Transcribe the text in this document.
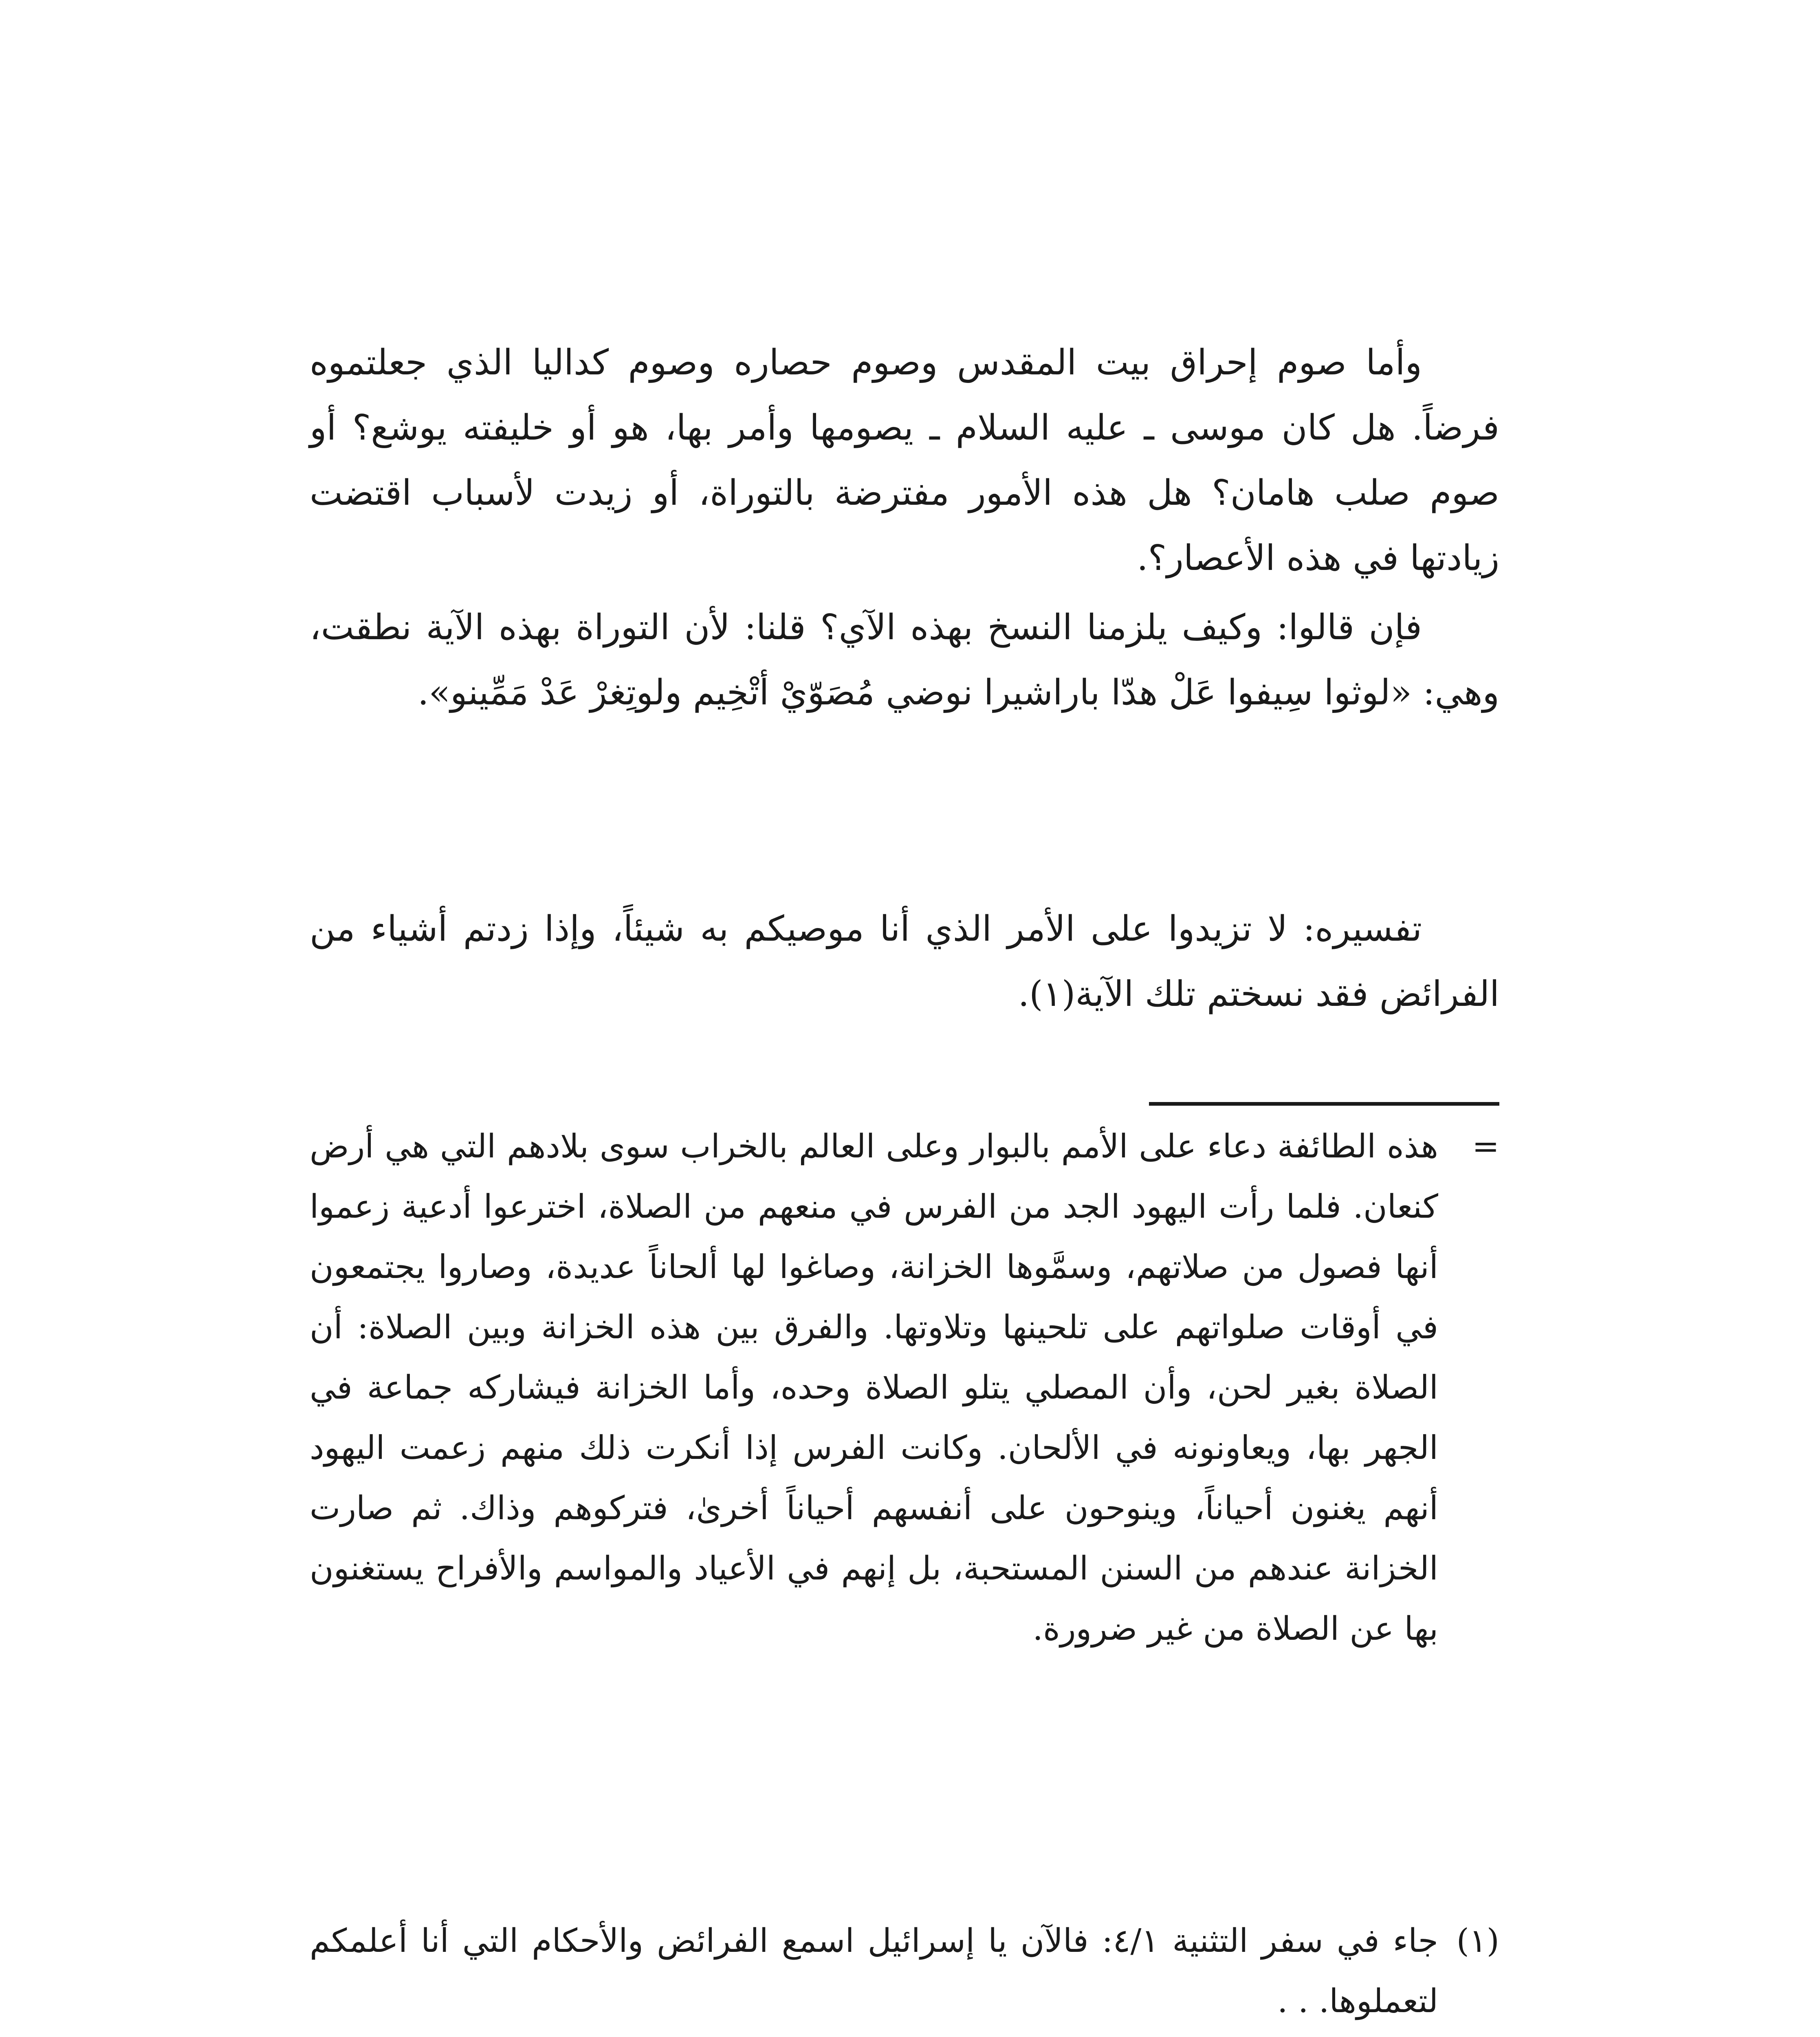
وأما صوم إحراق بيت المقدس وصوم حصاره وصوم كداليا الذي جعلتموه فرضاً. هل كان موسى ـ عليه السلام ـ يصومها وأمر بها، هو أو خليفته يوشع؟ أو صوم صلب هامان؟ هل هذه الأمور مفترضة بالتوراة، أو زيدت لأسباب اقتضت زيادتها في هذه الأعصار؟.

فإن قالوا: وكيف يلزمنا النسخ بهذه الآي؟ قلنا: لأن التوراة بهذه الآية نطقت، وهي: «لوثوا سِيفوا عَلْ هدّا باراشيرا نوضي مُصَوّيْ أتْخِيم ولوتِغرْ عَدْ مَمِّينو».

تفسيره: لا تزيدوا على الأمر الذي أنا موصيكم به شيئاً، وإذا زدتم أشياء من الفرائض فقد نسختم تلك الآية(١).

=
هذه الطائفة دعاء على الأمم بالبوار وعلى العالم بالخراب سوى بلادهم التي هي أرض كنعان. فلما رأت اليهود الجد من الفرس في منعهم من الصلاة، اخترعوا أدعية زعموا أنها فصول من صلاتهم، وسمَّوها الخزانة، وصاغوا لها ألحاناً عديدة، وصاروا يجتمعون في أوقات صلواتهم على تلحينها وتلاوتها. والفرق بين هذه الخزانة وبين الصلاة: أن الصلاة بغير لحن، وأن المصلي يتلو الصلاة وحده، وأما الخزانة فيشاركه جماعة في الجهر بها، ويعاونونه في الألحان. وكانت الفرس إذا أنكرت ذلك منهم زعمت اليهود أنهم يغنون أحياناً، وينوحون على أنفسهم أحياناً أخرىٰ، فتركوهم وذاك. ثم صارت الخزانة عندهم من السنن المستحبة، بل إنهم في الأعياد والمواسم والأفراح يستغنون بها عن الصلاة من غير ضرورة.

(١)
جاء في سفر التثنية ٤/١: فالآن يا إسرائيل اسمع الفرائض والأحكام التي أنا أعلمكم لتعملوها. . .
